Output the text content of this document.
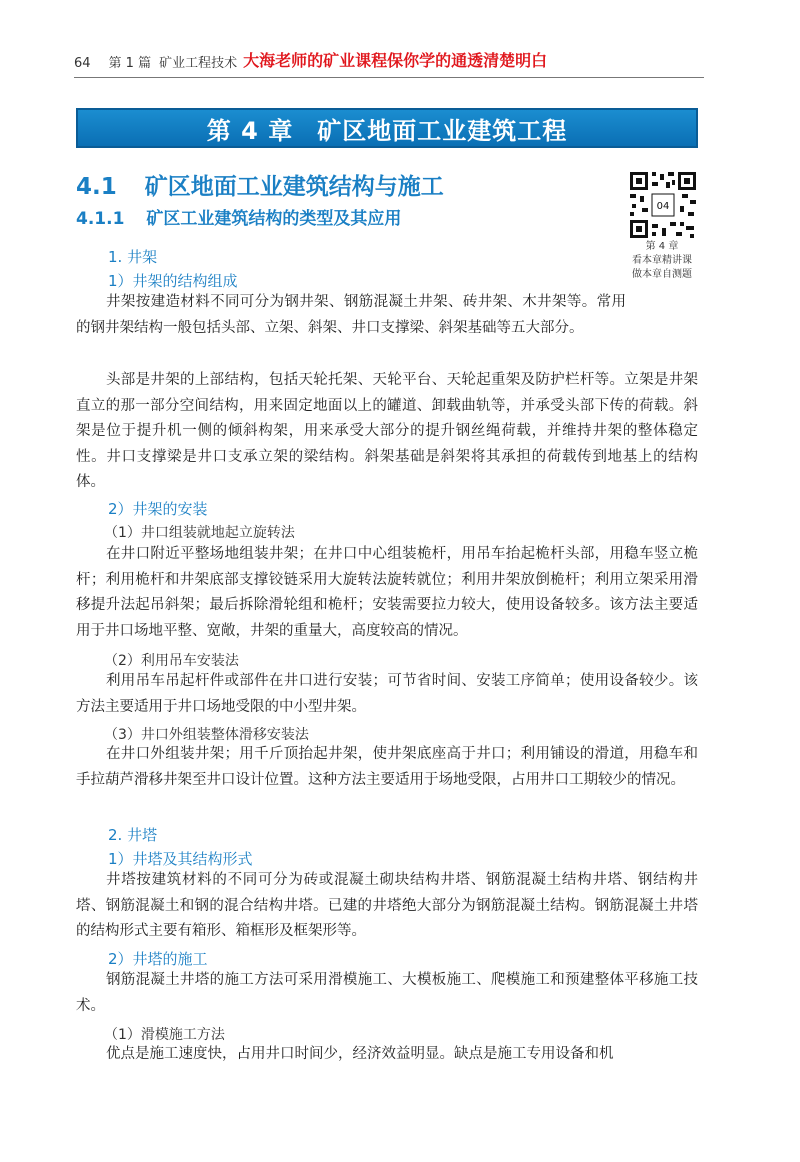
64 第 1 篇 矿业工程技术 大海老师的矿业课程保你学的通透清楚明白
第 4 章 矿区地面工业建筑工程
4.1 矿区地面工业建筑结构与施工
4.1.1 矿区工业建筑结构的类型及其应用
04
第 4 章
看本章精讲课
做本章自测题
1. 井架
1）井架的结构组成

井架按建造材料不同可分为钢井架、钢筋混凝土井架、砖井架、木井架等。常用的钢井架结构一般包括头部、立架、斜架、井口支撑梁、斜架基础等五大部分。

头部是井架的上部结构，包括天轮托架、天轮平台、天轮起重架及防护栏杆等。立架是井架直立的那一部分空间结构，用来固定地面以上的罐道、卸载曲轨等，并承受头部下传的荷载。斜架是位于提升机一侧的倾斜构架，用来承受大部分的提升钢丝绳荷载，并维持井架的整体稳定性。井口支撑梁是井口支承立架的梁结构。斜架基础是斜架将其承担的荷载传到地基上的结构体。

2）井架的安装
（1）井口组装就地起立旋转法

在井口附近平整场地组装井架；在井口中心组装桅杆，用吊车抬起桅杆头部，用稳车竖立桅杆；利用桅杆和井架底部支撑铰链采用大旋转法旋转就位；利用井架放倒桅杆；利用立架采用滑移提升法起吊斜架；最后拆除滑轮组和桅杆；安装需要拉力较大，使用设备较多。该方法主要适用于井口场地平整、宽敞，井架的重量大，高度较高的情况。

（2）利用吊车安装法

利用吊车吊起杆件或部件在井口进行安装；可节省时间、安装工序简单；使用设备较少。该方法主要适用于井口场地受限的中小型井架。

（3）井口外组装整体滑移安装法

在井口外组装井架；用千斤顶抬起井架，使井架底座高于井口；利用铺设的滑道，用稳车和手拉葫芦滑移井架至井口设计位置。这种方法主要适用于场地受限，占用井口工期较少的情况。

2. 井塔
1）井塔及其结构形式

井塔按建筑材料的不同可分为砖或混凝土砌块结构井塔、钢筋混凝土结构井塔、钢结构井塔、钢筋混凝土和钢的混合结构井塔。已建的井塔绝大部分为钢筋混凝土结构。钢筋混凝土井塔的结构形式主要有箱形、箱框形及框架形等。

2）井塔的施工

钢筋混凝土井塔的施工方法可采用滑模施工、大模板施工、爬模施工和预建整体平移施工技术。

（1）滑模施工方法

优点是施工速度快，占用井口时间少，经济效益明显。缺点是施工专用设备和机
